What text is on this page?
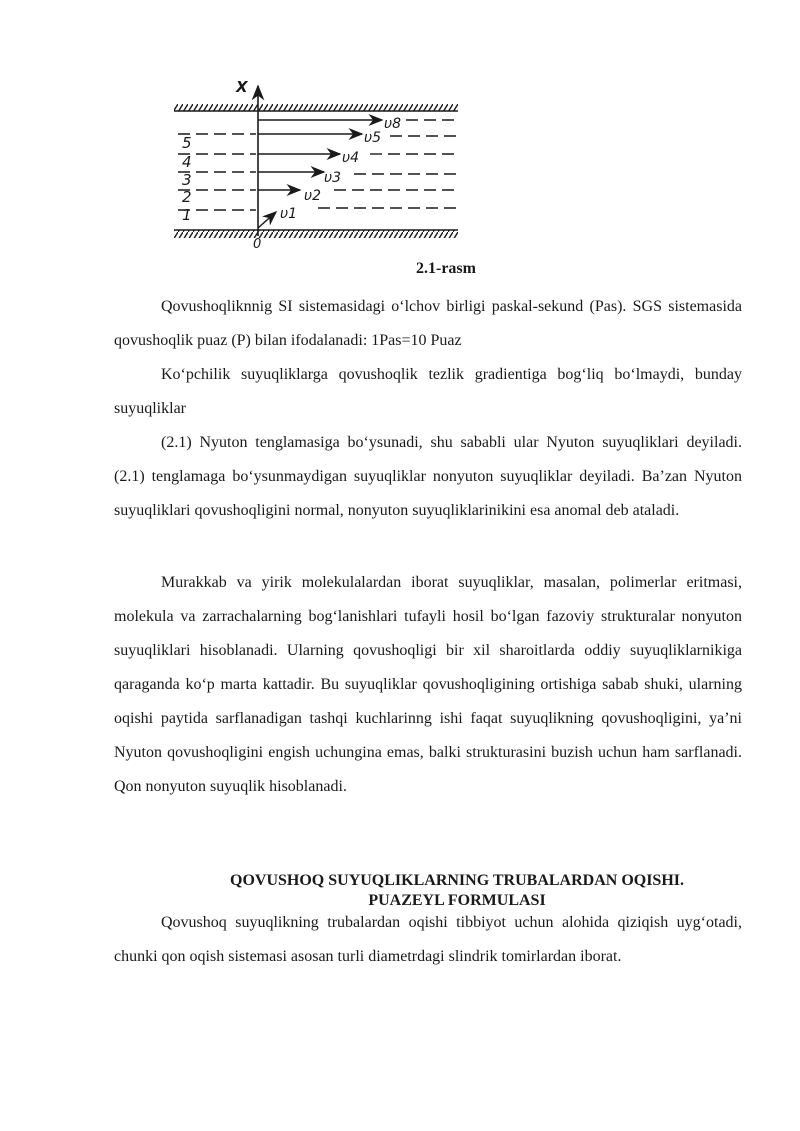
X
0
1
2
3
4
5
υ1
υ2
υ3
υ4
υ5
υ8
2.1-rasm

Qovushoqliknnig SI sistemasidagi o‘lchov birligi paskal-sekund (Pas). SGS sistemasida qovushoqlik puaz (P) bilan ifodalanadi: 1Pas=10 Puaz

Ko‘pchilik suyuqliklarga qovushoqlik tezlik gradientiga bog‘liq bo‘lmaydi, bunday suyuqliklar

(2.1) Nyuton tenglamasiga bo‘ysunadi, shu sababli ular Nyuton suyuqliklari deyiladi. (2.1) tenglamaga bo‘ysunmaydigan suyuqliklar nonyuton suyuqliklar deyiladi. Ba’zan Nyuton suyuqliklari qovushoqligini normal, nonyuton suyuqliklarinikini esa anomal deb ataladi.

Murakkab va yirik molekulalardan iborat suyuqliklar, masalan, polimerlar eritmasi, molekula va zarrachalarning bog‘lanishlari tufayli hosil bo‘lgan fazoviy strukturalar nonyuton suyuqliklari hisoblanadi. Ularning qovushoqligi bir xil sharoitlarda oddiy suyuqliklarnikiga qaraganda ko‘p marta kattadir. Bu suyuqliklar qovushoqligining ortishiga sabab shuki, ularning oqishi paytida sarflanadigan tashqi kuchlarinng ishi faqat suyuqlikning qovushoqligini, ya’ni Nyuton qovushoqligini engish uchungina emas, balki strukturasini buzish uchun ham sarflanadi. Qon nonyuton suyuqlik hisoblanadi.

QOVUSHOQ SUYUQLIKLARNING TRUBALARDAN OQISHI.
PUAZEYL FORMULASI

Qovushoq suyuqlikning trubalardan oqishi tibbiyot uchun alohida qiziqish uyg‘otadi, chunki qon oqish sistemasi asosan turli diametrdagi slindrik tomirlardan iborat.
